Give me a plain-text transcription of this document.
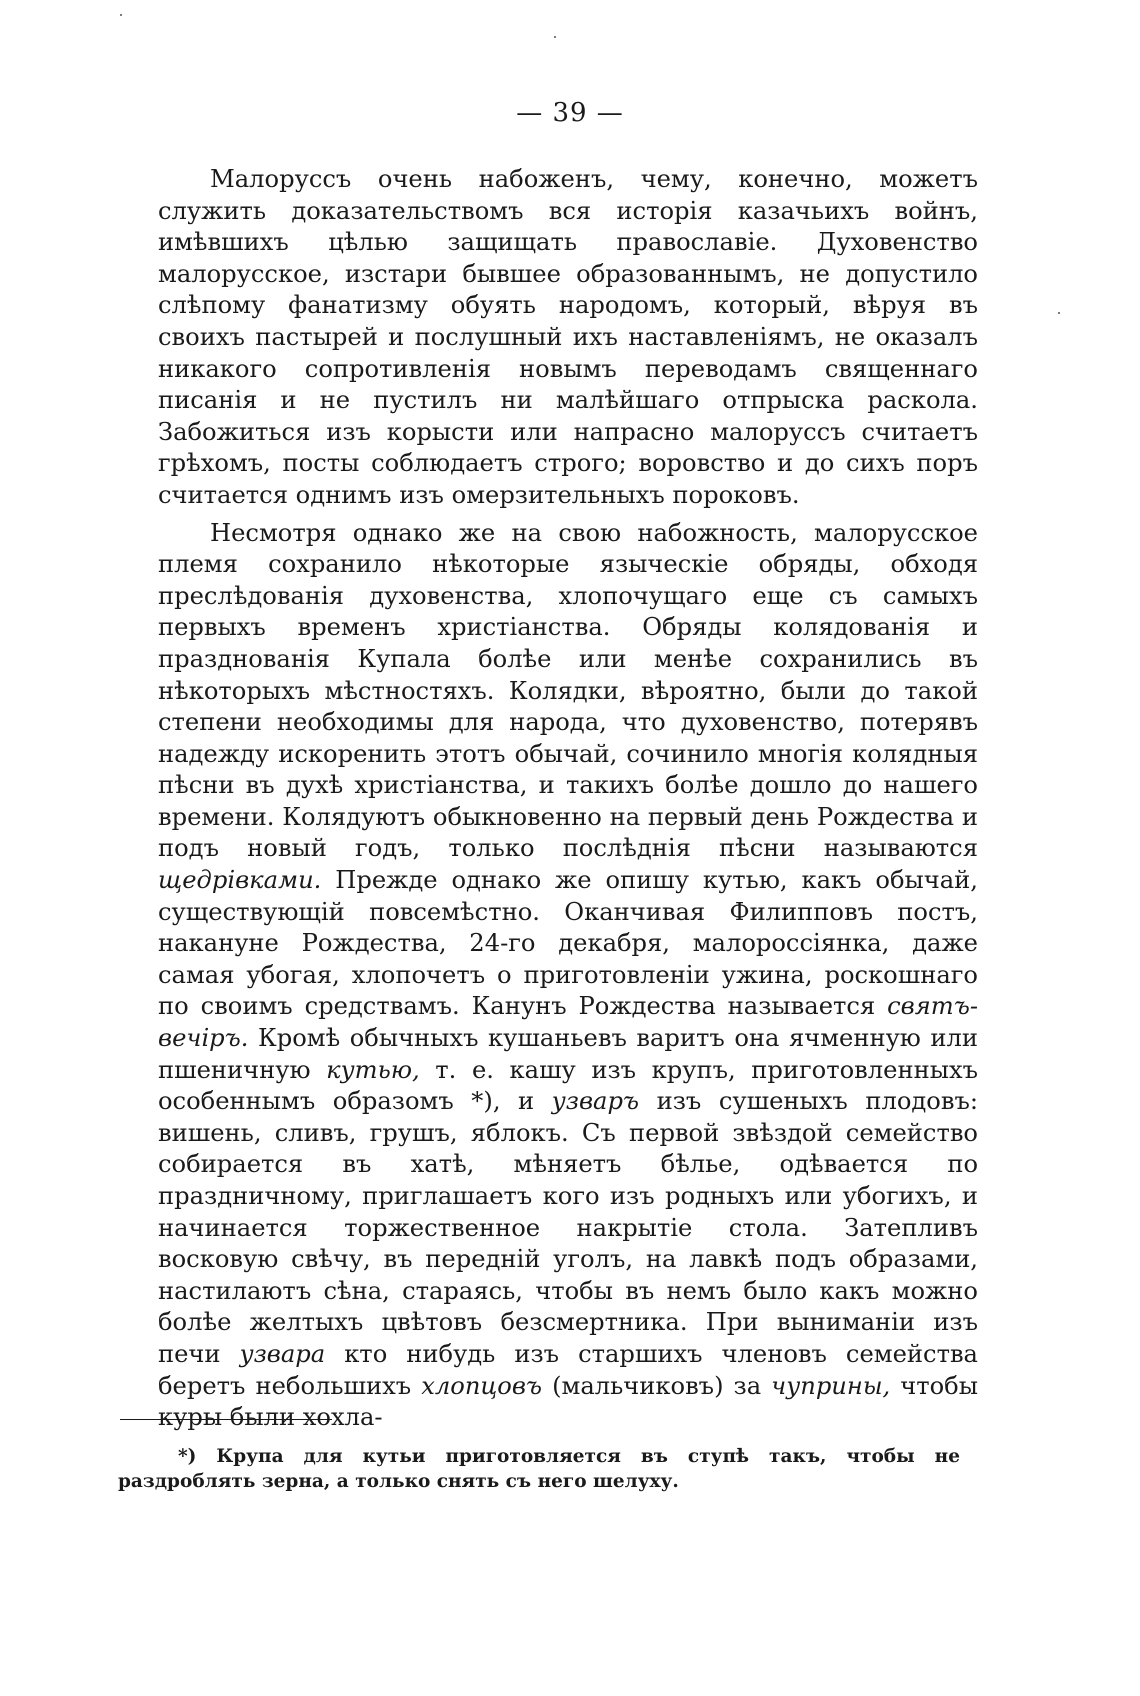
— 39 —

Малоруссъ очень набоженъ, чему, конечно, можетъ служить доказательствомъ вся исторія казачьихъ войнъ, имѣвшихъ цѣлью защищать православіе. Духовенство малорусское, изстари бывшее образованнымъ, не допустило слѣпому фанатизму обуять народомъ, который, вѣруя въ своихъ пастырей и послушный ихъ наставленіямъ, не оказалъ никакого сопротивленія новымъ переводамъ священнаго писанія и не пустилъ ни малѣйшаго отпрыска раскола. Забожиться изъ корысти или напрасно малоруссъ считаетъ грѣхомъ, посты соблюдаетъ строго; воровство и до сихъ поръ считается однимъ изъ омерзительныхъ пороковъ.

Несмотря однако же на свою набожность, малорусское племя сохранило нѣкоторые языческіе обряды, обходя преслѣдованія духовенства, хлопочущаго еще съ самыхъ первыхъ временъ христіанства. Обряды колядованія и празднованія Купала болѣе или менѣе сохранились въ нѣкоторыхъ мѣстностяхъ. Колядки, вѣроятно, были до такой степени необходимы для народа, что духовенство, потерявъ надежду искоренить этотъ обычай, сочинило многія колядныя пѣсни въ духѣ христіанства, и такихъ болѣе дошло до нашего времени. Колядуютъ обыкновенно на первый день Рождества и подъ новый годъ, только послѣднія пѣсни называются щедрівками. Прежде однако же опишу кутью, какъ обычай, существующій повсемѣстно. Оканчивая Филипповъ постъ, накануне Рождества, 24-го декабря, малороссіянка, даже самая убогая, хлопочетъ о приготовленіи ужина, роскошнаго по своимъ средствамъ. Канунъ Рождества называется святъ-вечіръ. Кромѣ обычныхъ кушаньевъ варитъ она ячменную или пшеничную кутью, т. е. кашу изъ крупъ, приготовленныхъ особеннымъ образомъ *), и узваръ изъ сушеныхъ плодовъ: вишень, сливъ, грушъ, яблокъ. Съ первой звѣздой семейство собирается въ хатѣ, мѣняетъ бѣлье, одѣвается по праздничному, приглашаетъ кого изъ родныхъ или убогихъ, и начинается торжественное накрытіе стола. Затепливъ восковую свѣчу, въ передній уголъ, на лавкѣ подъ образами, настилаютъ сѣна, стараясь, чтобы въ немъ было какъ можно болѣе желтыхъ цвѣтовъ безсмертника. При выниманіи изъ печи узвара кто нибудь изъ старшихъ членовъ семейства беретъ небольшихъ хлопцовъ (мальчиковъ) за чуприны, чтобы куры были хохла-

*) Крупа для кутьи приготовляется въ ступѣ такъ, чтобы не раздроблять зерна, а только снять съ него шелуху.
